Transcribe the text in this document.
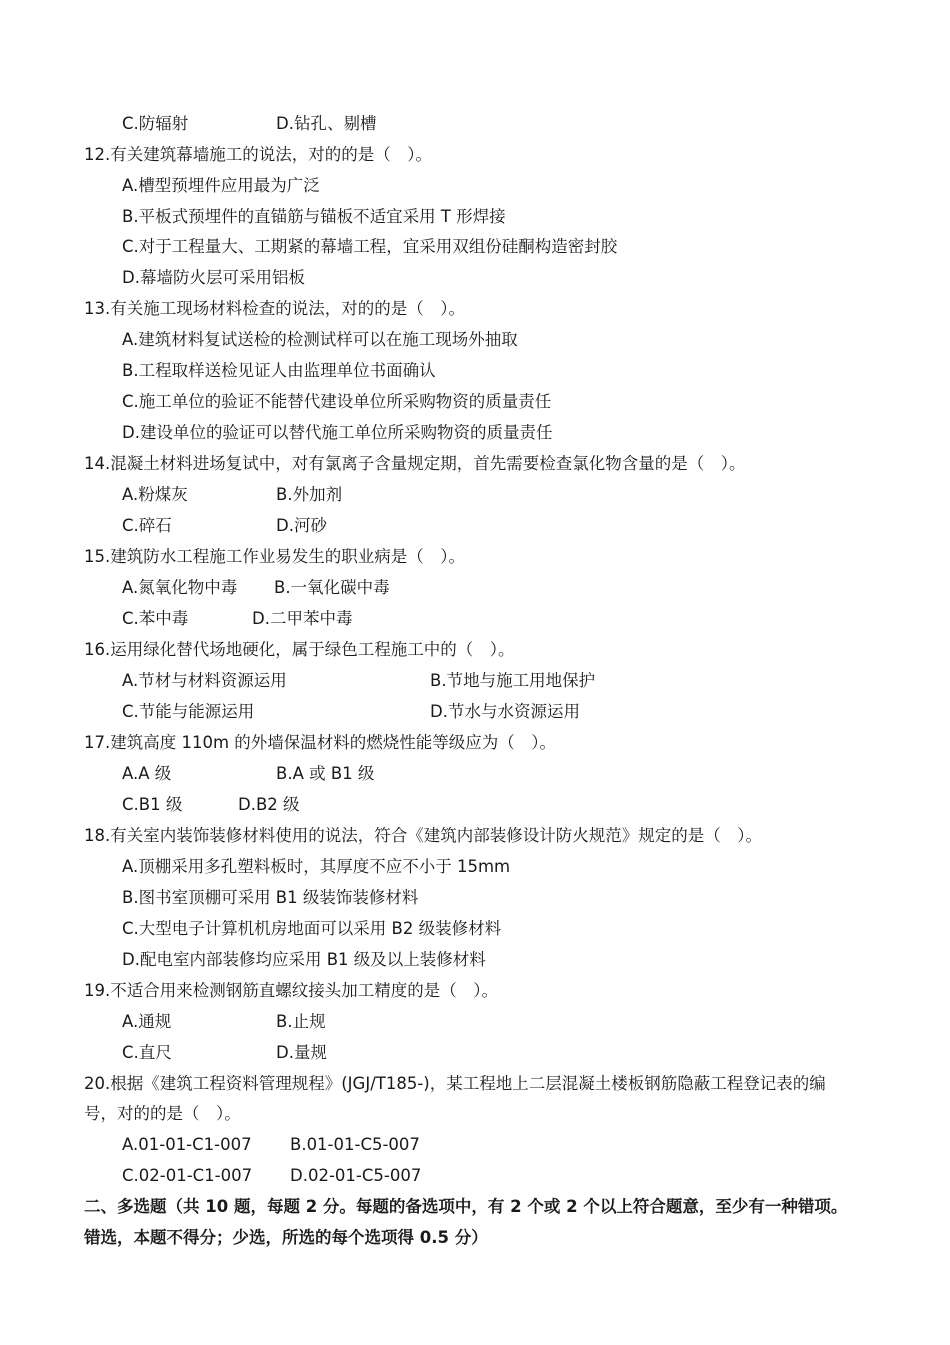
C.防辐射	D.钻孔、剔槽
12.有关建筑幕墙施工的说法，对的的是（　）。
A.槽型预埋件应用最为广泛
B.平板式预埋件的直锚筋与锚板不适宜采用 T 形焊接
C.对于工程量大、工期紧的幕墙工程，宜采用双组份硅酮构造密封胶
D.幕墙防火层可采用铝板
13.有关施工现场材料检查的说法，对的的是（　）。
A.建筑材料复试送检的检测试样可以在施工现场外抽取
B.工程取样送检见证人由监理单位书面确认
C.施工单位的验证不能替代建设单位所采购物资的质量责任
D.建设单位的验证可以替代施工单位所采购物资的质量责任
14.混凝土材料进场复试中，对有氯离子含量规定期，首先需要检查氯化物含量的是（　）。
A.粉煤灰	B.外加剂
C.碎石	D.河砂
15.建筑防水工程施工作业易发生的职业病是（　）。
A.氮氧化物中毒 B.一氧化碳中毒
C.苯中毒	D.二甲苯中毒
16.运用绿化替代场地硬化，属于绿色工程施工中的（　）。
A.节材与材料资源运用	B.节地与施工用地保护
C.节能与能源运用	D.节水与水资源运用
17.建筑高度 110m 的外墙保温材料的燃烧性能等级应为（　）。
A.A 级	B.A 或 B1 级
C.B1 级	D.B2 级
18.有关室内装饰装修材料使用的说法，符合《建筑内部装修设计防火规范》规定的是（　）。
A.顶棚采用多孔塑料板时，其厚度不应不小于 15mm
B.图书室顶棚可采用 B1 级装饰装修材料
C.大型电子计算机机房地面可以采用 B2 级装修材料
D.配电室内部装修均应采用 B1 级及以上装修材料
19.不适合用来检测钢筋直螺纹接头加工精度的是（　）。
A.通规	B.止规
C.直尺	D.量规
20.根据《建筑工程资料管理规程》(JGJ/T185-)，某工程地上二层混凝土楼板钢筋隐蔽工程登记表的编
号，对的的是（　）。
A.01-01-C1-007 B.01-01-C5-007
C.02-01-C1-007 D.02-01-C5-007
二、多选题（共 10 题，每题 2 分。每题的备选项中，有 2 个或 2 个以上符合题意，至少有一种错项。
错选，本题不得分；少选，所选的每个选项得 0.5 分）
